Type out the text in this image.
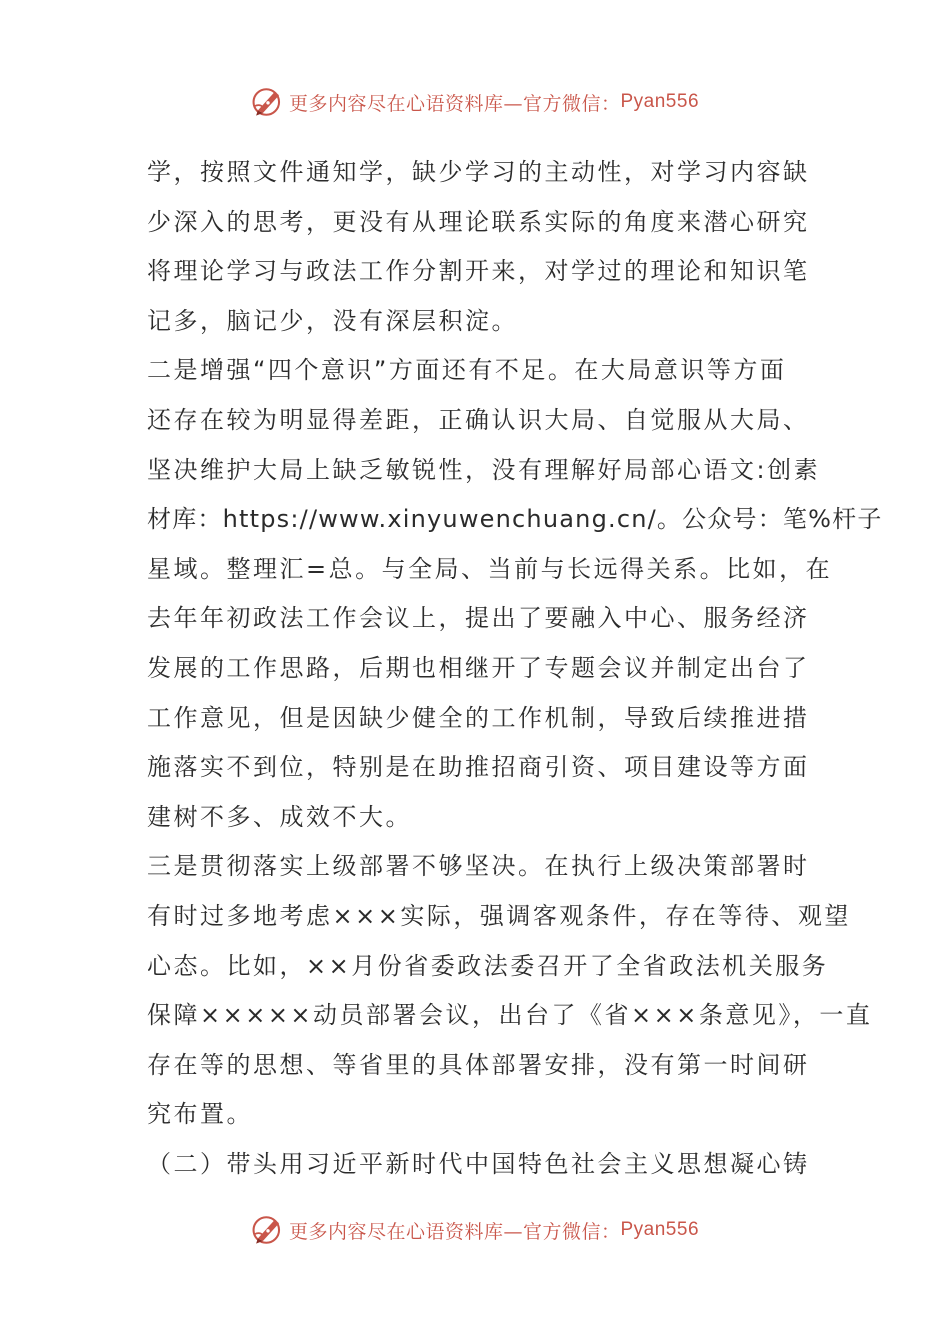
更多内容尽在心语资料库—官方微信： Pyan556
学，按照文件通知学，缺少学习的主动性，对学习内容缺
少深入的思考，更没有从理论联系实际的角度来潜心研究
将理论学习与政法工作分割开来，对学过的理论和知识笔
记多，脑记少，没有深层积淀。
二是增强“四个意识”方面还有不足。在大局意识等方面
还存在较为明显得差距，正确认识大局、自觉服从大局、
坚决维护大局上缺乏敏锐性，没有理解好局部心语文:创素
材库：https://www.xinyuwenchuang.cn/。公众号：笔%杆子
星域。整理汇=总。与全局、当前与长远得关系。比如，在
去年年初政法工作会议上，提出了要融入中心、服务经济
发展的工作思路，后期也相继开了专题会议并制定出台了
工作意见，但是因缺少健全的工作机制，导致后续推进措
施落实不到位，特别是在助推招商引资、项目建设等方面
建树不多、成效不大。
三是贯彻落实上级部署不够坚决。在执行上级决策部署时
有时过多地考虑×××实际，强调客观条件，存在等待、观望
心态。比如，××月份省委政法委召开了全省政法机关服务
保障×××××动员部署会议，出台了《省×××条意见》，一直
存在等的思想、等省里的具体部署安排，没有第一时间研
究布置。
（二）带头用习近平新时代中国特色社会主义思想凝心铸
更多内容尽在心语资料库—官方微信： Pyan556
